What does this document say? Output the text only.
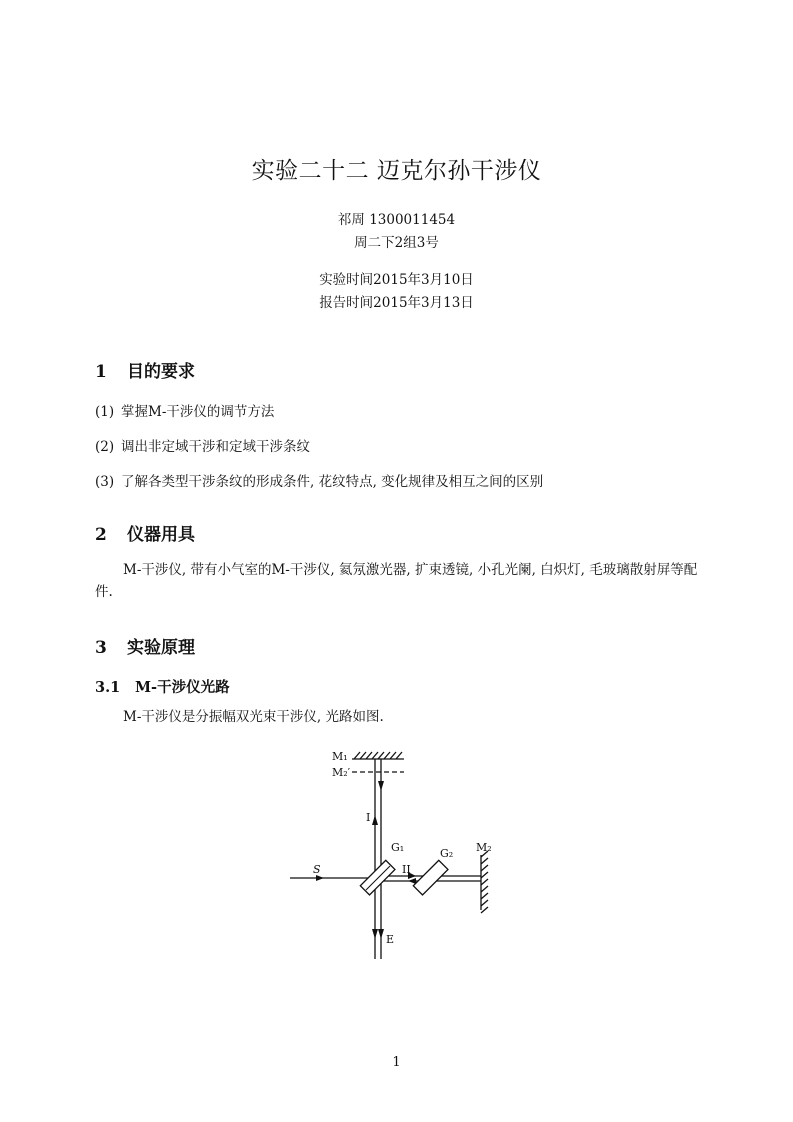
实验二十二 迈克尔孙干涉仪
祁周 1300011454
周二下2组3号
实验时间2015年3月10日
报告时间2015年3月13日
1 目的要求
(1) 掌握M-干涉仪的调节方法
(2) 调出非定域干涉和定域干涉条纹
(3) 了解各类型干涉条纹的形成条件, 花纹特点, 变化规律及相互之间的区别
2 仪器用具
M-干涉仪, 带有小气室的M-干涉仪, 氦氖激光器, 扩束透镜, 小孔光阑, 白炽灯, 毛玻璃散射屏等配件.
3 实验原理
3.1 M-干涉仪光路
M-干涉仪是分振幅双光束干涉仪, 光路如图.
M₁
M₂′
M₂
G₁	G₂
S
I
II
E
1
